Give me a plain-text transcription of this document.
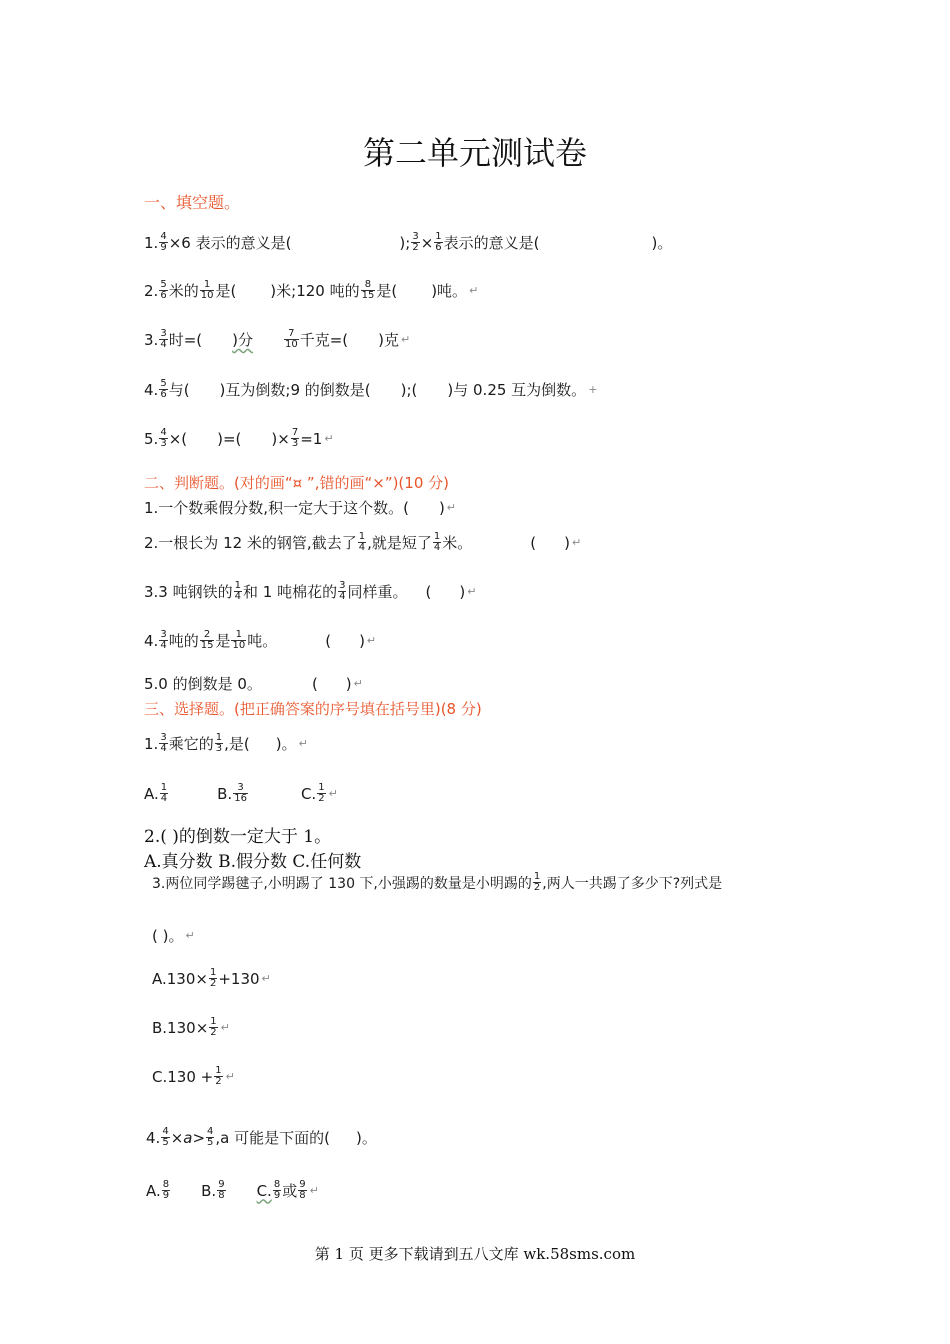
第二单元测试卷
一、填空题。
1. $\frac{4}{9} \times 6$ 表示的意义是(	); $\frac{3}{2} \times \frac{1}{6}$ 表示的意义是(	)。
2. $\frac{5}{6}$ 米的 $\frac{1}{10}$ 是( )米;120 吨的 $\frac{8}{15}$ 是( )吨。 ↵
3. $\frac{3}{4}$ 时=( )分	$\frac{7}{10}$ 千克=( )克 ↵
4. $\frac{5}{6}$ 与( )互为倒数;9 的倒数是( );( )与 0.25 互为倒数。 +
5. $\frac{4}{3}$ ×( )=( )× $\frac{7}{3} =1$ ↵
二、判断题。(对的画“¤ ”,错的画“×”)(10 分)
1.一个数乘假分数,积一定大于这个数。( ) ↵
2.一根长为 12 米的钢管,截去了 $\frac{1}{4}$ ,就是短了 $\frac{1}{4}$ 米。	( ) ↵
3.3 吨钢铁的 $\frac{1}{4}$ 和 1 吨棉花的 $\frac{3}{4}$ 同样重。 ( ) ↵
4. $\frac{3}{4}$ 吨的 $\frac{2}{15}$ 是 $\frac{1}{10}$ 吨。	( ) ↵
5.0 的倒数是 0。	( ) ↵
三、选择题。(把正确答案的序号填在括号里)(8 分)
1. $\frac{3}{4}$ 乘它的 $\frac{1}{3}$ ,是( )。 ↵
A. $\frac{1}{4}$	B. $\frac{3}{16}$	C. $\frac{1}{2}$ ↵
2.( )的倒数一定大于 1。
A.真分数 B.假分数 C.任何数
3.两位同学踢毽子,小明踢了 130 下,小强踢的数量是小明踢的 $\frac{1}{2}$ ,两人一共踢了多少下?列式是
( )。 ↵
$A.130\times \frac{1}{2} +130$ ↵
$B.130\times \frac{1}{2}$ ↵
$C.130 + \frac{1}{2}$ ↵
4. $\frac{4}{5} \times a> \frac{4}{5} ,a$ 可能是下面的( )。
A. $\frac{8}{9} B$. $\frac{9}{8} C$. $\frac{8}{9}$ 或 $\frac{9}{8}$ ↵
第 1 页 更多下载请到五八文库 wk.58sms.com
